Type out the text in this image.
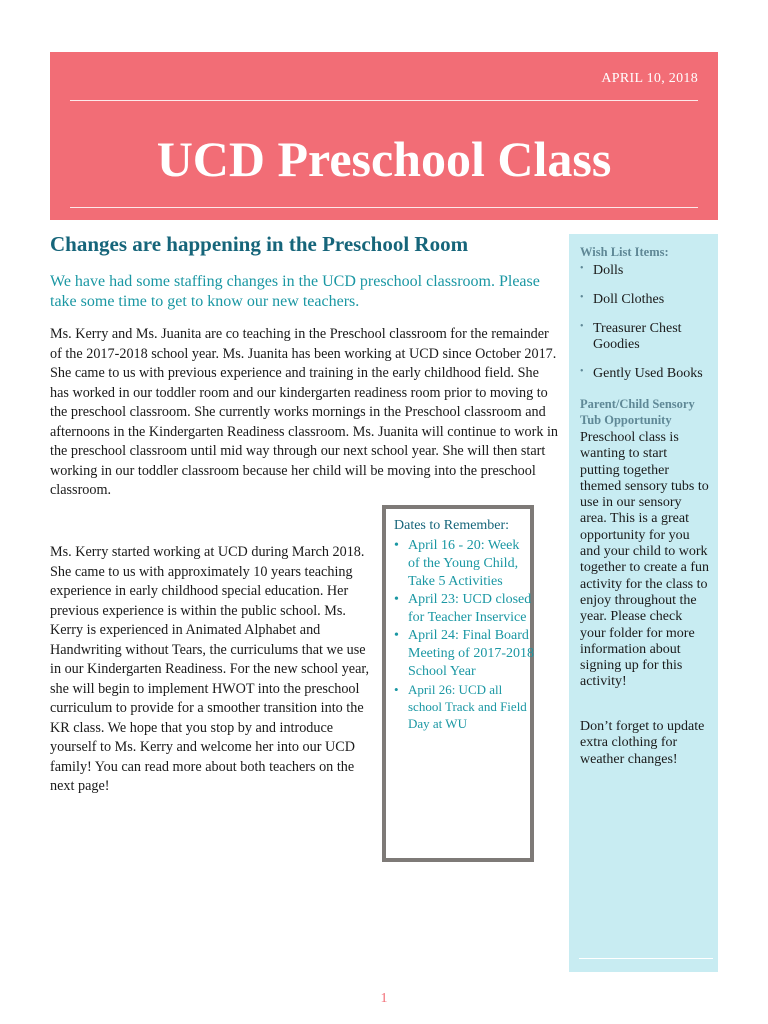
APRIL 10, 2018
UCD Preschool Class
Changes are happening in the Preschool Room

We have had some staffing changes in the UCD preschool classroom. Please take some time to get to know our new teachers.

Ms. Kerry and Ms. Juanita are co teaching in the Preschool classroom for the remainder of the 2017-2018 school year. Ms. Juanita has been working at UCD since October 2017. She came to us with previous experience and training in the early childhood field. She has worked in our toddler room and our kindergarten readiness room prior to moving to the preschool classroom. She currently works mornings in the Preschool classroom and afternoons in the Kindergarten Readiness classroom. Ms. Juanita will continue to work in the preschool classroom until mid way through our next school year. She will then start working in our toddler classroom because her child will be moving into the preschool classroom.

Ms. Kerry started working at UCD during March 2018. She came to us with approximately 10 years teaching experience in early childhood special education. Her previous experience is within the public school. Ms. Kerry is experienced in Animated Alphabet and Handwriting without Tears, the curriculums that we use in our Kindergarten Readiness. For the new school year, she will begin to implement HWOT into the preschool curriculum to provide for a smoother transition into the KR class. We hope that you stop by and introduce yourself to Ms. Kerry and welcome her into our UCD family! You can read more about both teachers on the next page!

Dates to Remember:
• April 16 - 20: Week of the Young Child, Take 5 Activities
• April 23: UCD closed for Teacher Inservice
• April 24: Final Board Meeting of 2017-2018 School Year
• April 26: UCD all school Track and Field Day at WU
Wish List Items:
• Dolls
• Doll Clothes
• Treasurer Chest Goodies
• Gently Used Books
Parent/Child Sensory Tub Opportunity

Preschool class is wanting to start putting together themed sensory tubs to use in our sensory area. This is a great opportunity for you and your child to work together to create a fun activity for the class to enjoy throughout the year. Please check your folder for more information about signing up for this activity!

Don’t forget to update extra clothing for weather changes!

1
